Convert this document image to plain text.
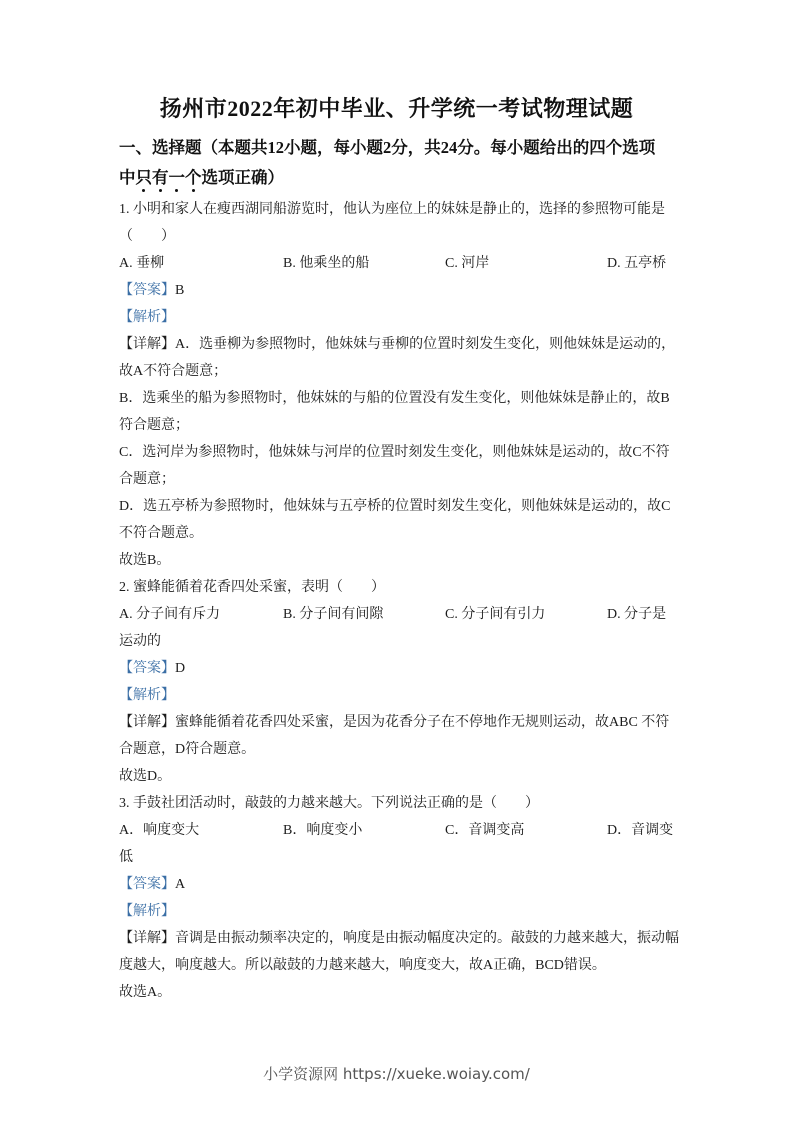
扬州市2022年初中毕业、升学统一考试物理试题
一、选择题（本题共12小题，每小题2分，共24分。每小题给出的四个选项
中只有一个选项正确）
1. 小明和家人在瘦西湖同船游览时，他认为座位上的妹妹是静止的，选择的参照物可能是
（　　）
A. 垂柳	B. 他乘坐的船	C. 河岸	D. 五亭桥
【答案】B
【解析】
【详解】A．选垂柳为参照物时，他妹妹与垂柳的位置时刻发生变化，则他妹妹是运动的，
故A不符合题意；
B．选乘坐的船为参照物时，他妹妹的与船的位置没有发生变化，则他妹妹是静止的，故B
符合题意；
C．选河岸为参照物时，他妹妹与河岸的位置时刻发生变化，则他妹妹是运动的，故C不符
合题意；
D．选五亭桥为参照物时，他妹妹与五亭桥的位置时刻发生变化，则他妹妹是运动的，故C
不符合题意。
故选B。
2. 蜜蜂能循着花香四处采蜜，表明（　　）
A. 分子间有斥力	B. 分子间有间隙	C. 分子间有引力	D. 分子是
运动的
【答案】D
【解析】
【详解】蜜蜂能循着花香四处采蜜，是因为花香分子在不停地作无规则运动，故ABC 不符
合题意，D符合题意。
故选D。
3. 手鼓社团活动时，敲鼓的力越来越大。下列说法正确的是（　　）
A．响度变大	B．响度变小	C．音调变高	D．音调变
低
【答案】A
【解析】
【详解】音调是由振动频率决定的，响度是由振动幅度决定的。敲鼓的力越来越大，振动幅
度越大，响度越大。所以敲鼓的力越来越大，响度变大，故A正确，BCD错误。
故选A。
小学资源网 https://xueke.woiay.com/
